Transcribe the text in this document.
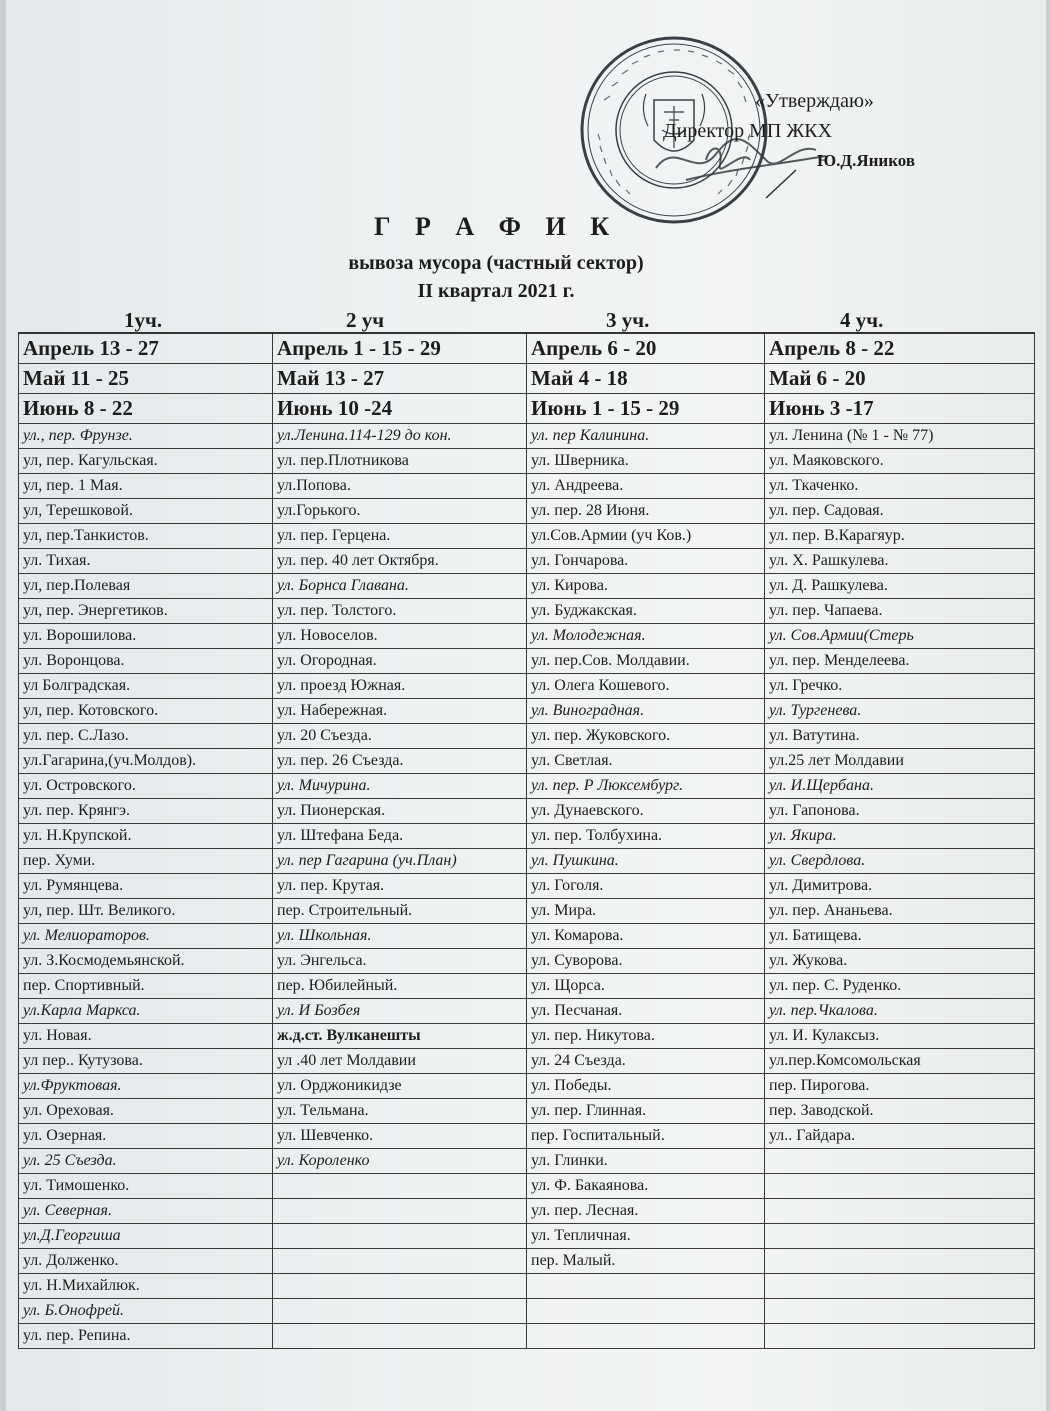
«Утверждаю»
Директор МП ЖКХ
Ю.Д.Яников
Г Р А Ф И К
вывоза мусора (частный сектор)
II квартал 2021 г.
1уч.	2 уч	3 уч.	4 уч.
Апрель 13 - 27	Апрель 1 - 15 - 29	Апрель 6 - 20	Апрель 8 - 22
Май 11 - 25	Май 13 - 27	Май 4 - 18	Май 6 - 20
Июнь 8 - 22	Июнь 10 -24	Июнь 1 - 15 - 29	Июнь 3 -17
ул., пер. Фрунзе.	ул.Ленина.114-129 до кон.	ул. пер Калинина.	ул. Ленина (№ 1 - № 77)
ул, пер. Кагульская.	ул. пер.Плотникова	ул. Шверника.	ул. Маяковского.
ул, пер. 1 Мая.	ул.Попова.	ул. Андреева.	ул. Ткаченко.
ул, Терешковой.	ул.Горького.	ул. пер. 28 Июня.	ул. пер. Садовая.
ул, пер.Танкистов.	ул. пер. Герцена.	ул.Сов.Армии (уч Ков.)	ул. пер. В.Карагяур.
ул. Тихая.	ул. пер. 40 лет Октября.	ул. Гончарова.	ул. Х. Рашкулева.
ул, пер.Полевая	ул. Борнса Главана.	ул. Кирова.	ул. Д. Рашкулева.
ул, пер. Энергетиков.	ул. пер. Толстого.	ул. Буджакская.	ул. пер. Чапаева.
ул. Ворошилова.	ул. Новоселов.	ул. Молодежная.	ул. Сов.Армии(Стерь
ул. Воронцова.	ул. Огородная.	ул. пер.Сов. Молдавии.	ул. пер. Менделеева.
ул Болградская.	ул. проезд Южная.	ул. Олега Кошевого.	ул. Гречко.
ул, пер. Котовского.	ул. Набережная.	ул. Виноградная.	ул. Тургенева.
ул. пер. С.Лазо.	ул. 20 Съезда.	ул. пер. Жуковского.	ул. Ватутина.
ул.Гагарина,(уч.Молдов).	ул. пер. 26 Съезда.	ул. Светлая.	ул.25 лет Молдавии
ул. Островского.	ул. Мичурина.	ул. пер. Р Люксембург.	ул. И.Щербана.
ул. пер. Крянгэ.	ул. Пионерская.	ул. Дунаевского.	ул. Гапонова.
ул. Н.Крупской.	ул. Штефана Беда.	ул. пер. Толбухина.	ул. Якира.
пер. Хуми.	ул. пер Гагарина (уч.План)	ул. Пушкина.	ул. Свердлова.
ул. Румянцева.	ул. пер. Крутая.	ул. Гоголя.	ул. Димитрова.
ул, пер. Шт. Великого.	пер. Строительный.	ул. Мира.	ул. пер. Ананьева.
ул. Мелиораторов.	ул. Школьная.	ул. Комарова.	ул. Батищева.
ул. З.Космодемьянской.	ул. Энгельса.	ул. Суворова.	ул. Жукова.
пер. Спортивный.	пер. Юбилейный.	ул. Щорса.	ул. пер. С. Руденко.
ул.Карла Маркса.	ул. И Бозбея	ул. Песчаная.	ул. пер.Чкалова.
ул. Новая.	ж.д.ст. Вулканешты	ул. пер. Никутова.	ул. И. Кулаксыз.
ул пер.. Кутузова.	ул .40 лет Молдавии	ул. 24 Съезда.	ул.пер.Комсомольская
ул.Фруктовая.	ул. Орджоникидзе	ул. Победы.	пер. Пирогова.
ул. Ореховая.	ул. Тельмана.	ул. пер. Глинная.	пер. Заводской.
ул. Озерная.	ул. Шевченко.	пер. Госпитальный.	ул.. Гайдара.
ул. 25 Съезда.	ул. Короленко	ул. Глинки.	
ул. Тимошенко.		ул. Ф. Бакаянова.	
ул. Северная.		ул. пер. Лесная.	
ул.Д.Георгиша		ул. Тепличная.	
ул. Долженко.		пер. Малый.	
ул. Н.Михайлюк.			
ул. Б.Онофрей.			
ул. пер. Репина.			
